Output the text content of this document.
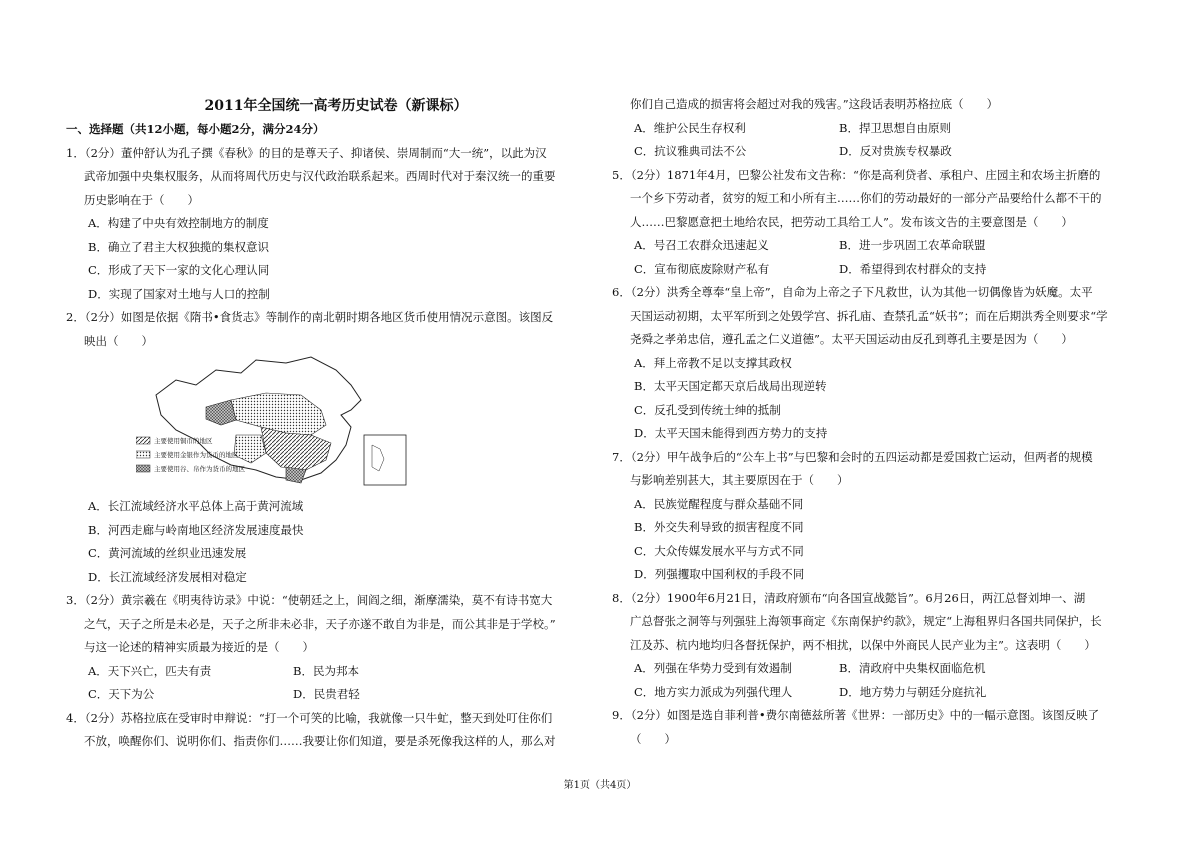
2011年全国统一高考历史试卷（新课标）
一、选择题（共12小题，每小题2分，满分24分）
1．（2分）董仲舒认为孔子撰《春秋》的目的是尊天子、抑诸侯、崇周制而“大一统”，以此为汉
武帝加强中央集权服务，从而将周代历史与汉代政治联系起来。西周时代对于秦汉统一的重要
历史影响在于（　　）
A．构建了中央有效控制地方的制度
B．确立了君主大权独揽的集权意识
C．形成了天下一家的文化心理认同
D．实现了国家对土地与人口的控制
2．（2分）如图是依据《隋书•食货志》等制作的南北朝时期各地区货币使用情况示意图。该图反
映出（　　）
主要使用铜币的地区
主要使用金银作为货币的地区
主要使用谷、帛作为货币的地区
A．长江流域经济水平总体上高于黄河流域
B．河西走廊与岭南地区经济发展速度最快
C．黄河流域的丝织业迅速发展
D．长江流域经济发展相对稳定
3．（2分）黄宗羲在《明夷待访录》中说：“使朝廷之上，闾阎之细，渐摩濡染，莫不有诗书宽大
之气，天子之所是未必是，天子之所非未必非，天子亦遂不敢自为非是，而公其非是于学校。”
与这一论述的精神实质最为接近的是（　　）
A．天下兴亡，匹夫有责	B．民为邦本
C．天下为公	D．民贵君轻
4．（2分）苏格拉底在受审时申辩说：“打一个可笑的比喻，我就像一只牛虻，整天到处叮住你们
不放，唤醒你们、说明你们、指责你们……我要让你们知道，要是杀死像我这样的人，那么对
你们自己造成的损害将会超过对我的残害。”这段话表明苏格拉底（　　）
A．维护公民生存权利	B．捍卫思想自由原则
C．抗议雅典司法不公	D．反对贵族专权暴政
5．（2分）1871年4月，巴黎公社发布文告称：“你是高利贷者、承租户、庄园主和农场主折磨的
一个乡下劳动者，贫穷的短工和小所有主……你们的劳动最好的一部分产品要给什么都不干的
人……巴黎愿意把土地给农民，把劳动工具给工人”。发布该文告的主要意图是（　　）
A．号召工农群众迅速起义	B．进一步巩固工农革命联盟
C．宣布彻底废除财产私有	D．希望得到农村群众的支持
6．（2分）洪秀全尊奉“皇上帝”，自命为上帝之子下凡救世，认为其他一切偶像皆为妖魔。太平
天国运动初期，太平军所到之处毁学宫、拆孔庙、查禁孔孟“妖书”；而在后期洪秀全则要求“学
尧舜之孝弟忠信，遵孔孟之仁义道德”。太平天国运动由反孔到尊孔主要是因为（　　）
A．拜上帝教不足以支撑其政权
B．太平天国定都天京后战局出现逆转
C．反孔受到传统士绅的抵制
D．太平天国未能得到西方势力的支持
7．（2分）甲午战争后的“公车上书”与巴黎和会时的五四运动都是爱国救亡运动，但两者的规模
与影响差别甚大，其主要原因在于（　　）
A．民族觉醒程度与群众基础不同
B．外交失利导致的损害程度不同
C．大众传媒发展水平与方式不同
D．列强攫取中国利权的手段不同
8．（2分）1900年6月21日，清政府颁布“向各国宣战懿旨”。6月26日，两江总督刘坤一、湖
广总督张之洞等与列强驻上海领事商定《东南保护约款》，规定“上海租界归各国共同保护，长
江及苏、杭内地均归各督抚保护，两不相扰，以保中外商民人民产业为主”。这表明（　　）
A．列强在华势力受到有效遏制	B．清政府中央集权面临危机
C．地方实力派成为列强代理人	D．地方势力与朝廷分庭抗礼
9．（2分）如图是选自菲利普•费尔南德兹所著《世界：一部历史》中的一幅示意图。该图反映了
（　　）
第1页（共4页）
